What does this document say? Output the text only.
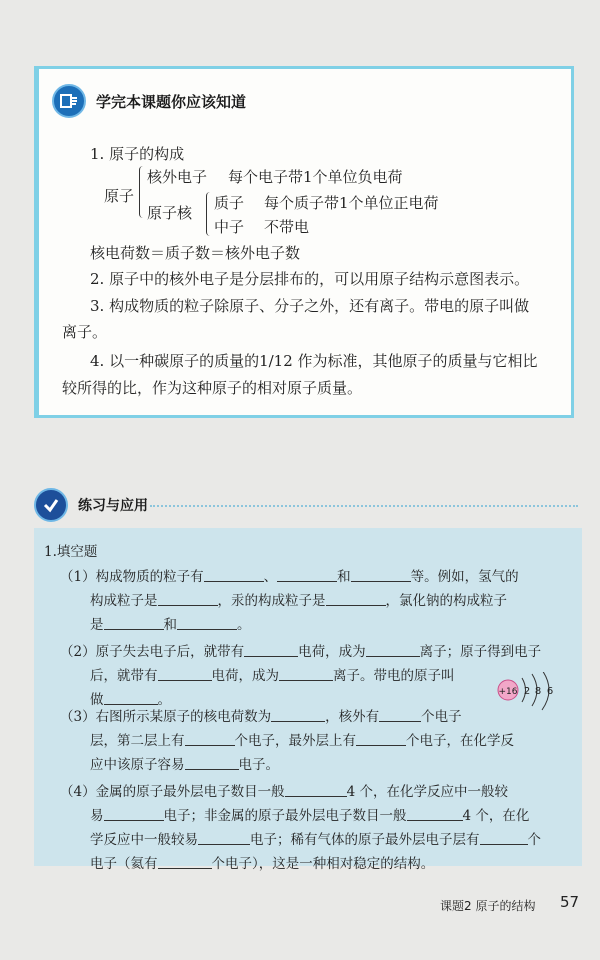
学完本课题你应该知道
1. 原子的构成
原子
核外电子 每个电子带1个单位负电荷
原子核
质子 每个质子带1个单位正电荷
中子 不带电
核电荷数＝质子数＝核外电子数
2. 原子中的核外电子是分层排布的，可以用原子结构示意图表示。
3. 构成物质的粒子除原子、分子之外，还有离子。带电的原子叫做
离子。
4. 以一种碳原子的质量的1/12 作为标准，其他原子的质量与它相比
较所得的比，作为这种原子的相对原子质量。
练习与应用
1.填空题
（1）构成物质的粒子有	、	和	等。例如，氢气的
构成粒子是	，汞的构成粒子是	，氯化钠的构成粒子
是	和	。
（2）原子失去电子后，就带有	电荷，成为	离子；原子得到电子
后，就带有	电荷，成为	离子。带电的原子叫
做	。	+16 2 8 6
（3）右图所示某原子的核电荷数为	，核外有	个电子
层，第二层上有	个电子，最外层上有	个电子，在化学反
应中该原子容易	电子。
（4）金属的原子最外层电子数目一般	4 个，在化学反应中一般较
易	电子；非金属的原子最外层电子数目一般	4 个，在化
学反应中一般较易	电子；稀有气体的原子最外层电子层有	个
电子（氦有	个电子），这是一种相对稳定的结构。
课题2 原子的结构 57
